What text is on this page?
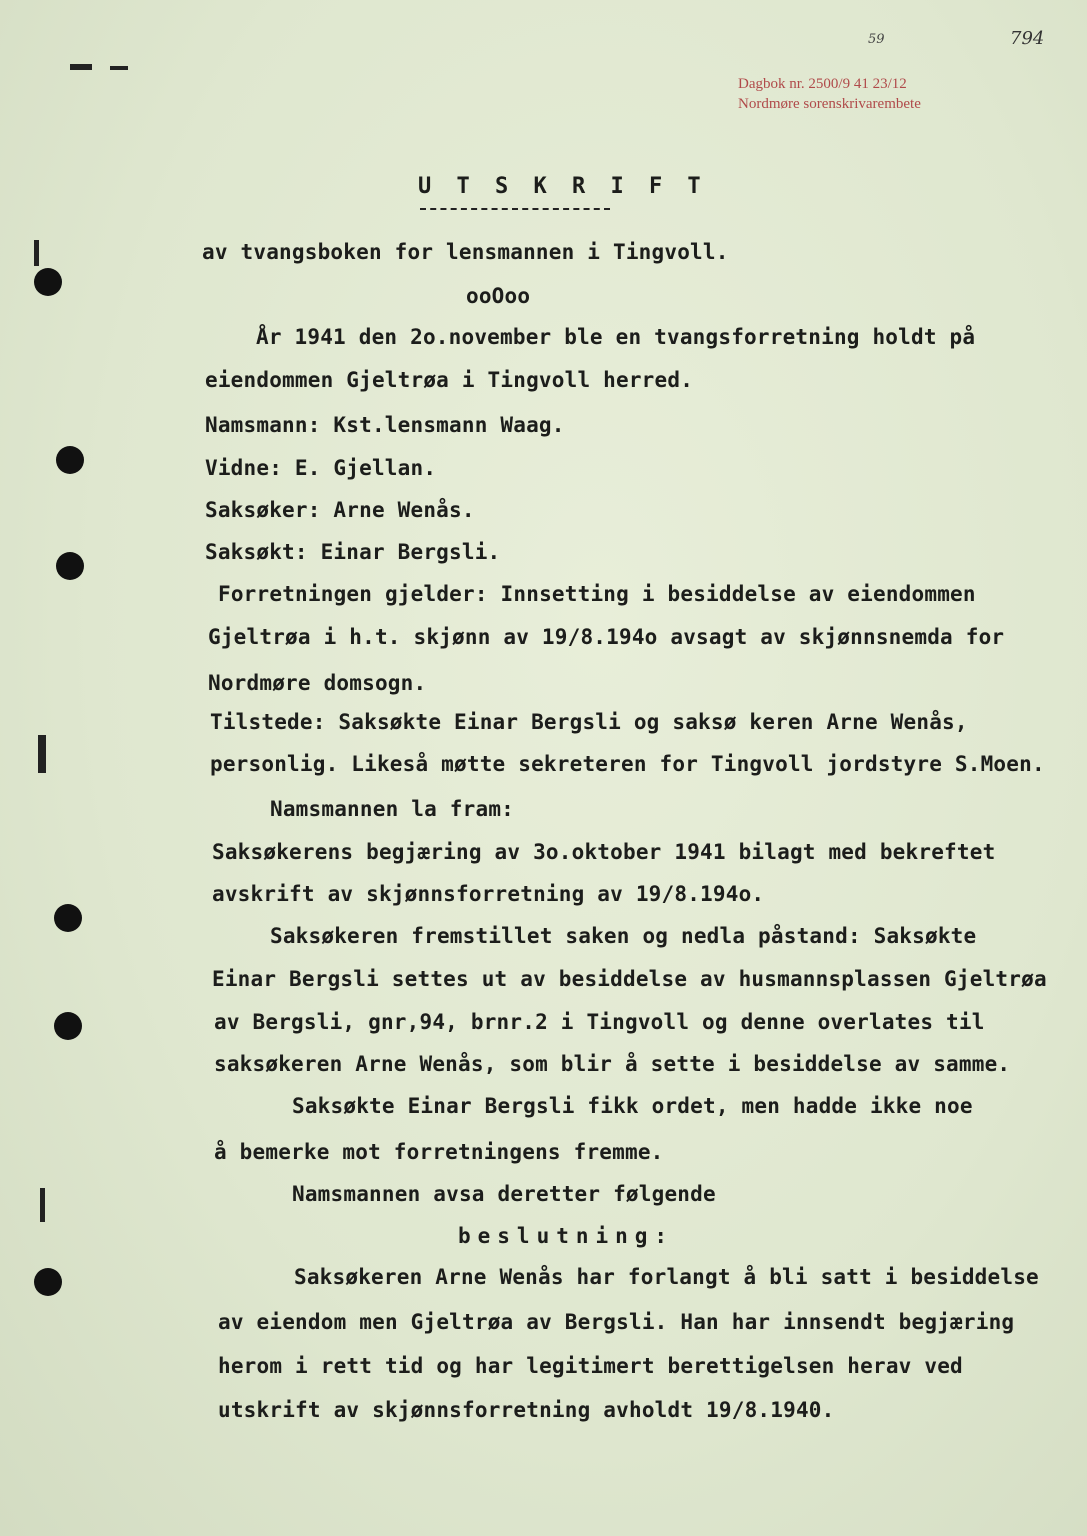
59	794
Dagbok nr. 2500/9 41 23/12
Nordmøre sorenskrivarembete
U T S K R I F T
av tvangsboken for lensmannen i Tingvoll.
ooOoo
År 1941 den 2o.november ble en tvangsforretning holdt på
eiendommen Gjeltrøa i Tingvoll herred.
Namsmann: Kst.lensmann Waag.
Vidne: E. Gjellan.
Saksøker: Arne Wenås.
Saksøkt: Einar Bergsli.
Forretningen gjelder: Innsetting i besiddelse av eiendommen
Gjeltrøa i h.t. skjønn av 19/8.194o avsagt av skjønnsnemda for
Nordmøre domsogn.
Tilstede: Saksøkte Einar Bergsli og saksø keren Arne Wenås,
personlig. Likeså møtte sekreteren for Tingvoll jordstyre S.Moen.
Namsmannen la fram:
Saksøkerens begjæring av 3o.oktober 1941 bilagt med bekreftet
avskrift av skjønnsforretning av 19/8.194o.
Saksøkeren fremstillet saken og nedla påstand: Saksøkte
Einar Bergsli settes ut av besiddelse av husmannsplassen Gjeltrøa
av Bergsli, gnr,94, brnr.2 i Tingvoll og denne overlates til
saksøkeren Arne Wenås, som blir å sette i besiddelse av samme.
Saksøkte Einar Bergsli fikk ordet, men hadde ikke noe
å bemerke mot forretningens fremme.
Namsmannen avsa deretter følgende
beslutning:
Saksøkeren Arne Wenås har forlangt å bli satt i besiddelse
av eiendom men Gjeltrøa av Bergsli. Han har innsendt begjæring
herom i rett tid og har legitimert berettigelsen herav ved
utskrift av skjønnsforretning avholdt 19/8.1940.
